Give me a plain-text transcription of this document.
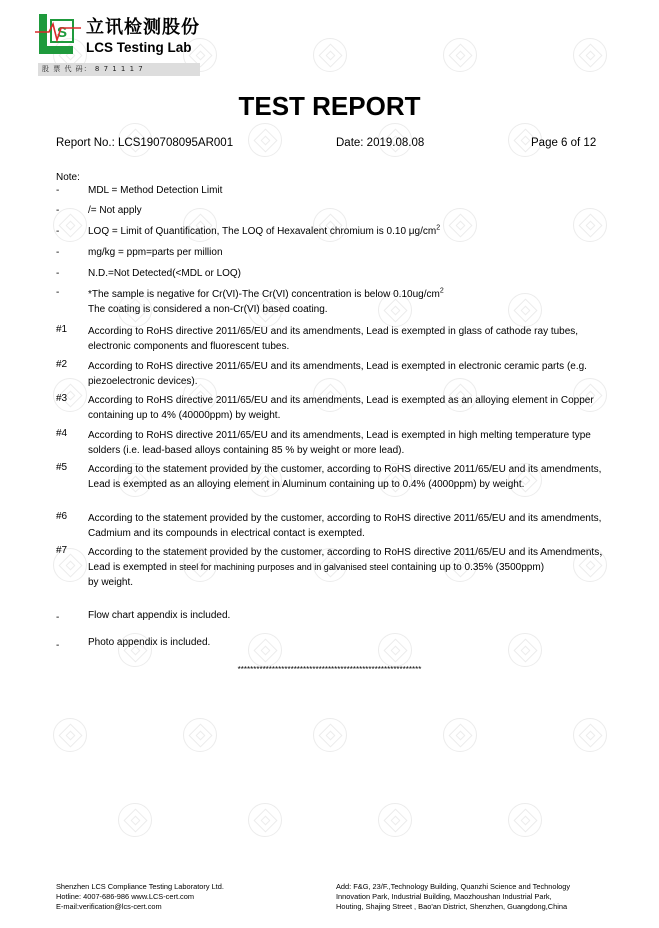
S 立讯检测股份
LCS Testing Lab
股 票 代 码： 8 7 1 1 1 7
TEST REPORT
Report No.: LCS190708095AR001	Date: 2019.08.08	Page 6 of 12
Note:
-	MDL = Method Detection Limit
-	/= Not apply
-	LOQ = Limit of Quantification, The LOQ of Hexavalent chromium is 0.10 $\mu g/cm^2$
-	mg/kg = ppm=parts per million
-	N.D.=Not Detected(<MDL or LOQ)
-	*The sample is negative for Cr(VI)-The Cr(VI) concentration is below $0.10ug/cm^2$
The coating is considered a non-Cr(VI) based coating.
#1 According to RoHS directive 2011/65/EU and its amendments, Lead is exempted in glass of cathode ray tubes, electronic components and fluorescent tubes.
#2 According to RoHS directive 2011/65/EU and its amendments, Lead is exempted in electronic ceramic parts (e.g. piezoelectronic devices).
#3 According to RoHS directive 2011/65/EU and its amendments, Lead is exempted as an alloying element in Copper containing up to 4% (40000ppm) by weight.
#4 According to RoHS directive 2011/65/EU and its amendments, Lead is exempted in high melting temperature type solders (i.e. lead-based alloys containing 85 % by weight or more lead).
#5 According to the statement provided by the customer, according to RoHS directive 2011/65/EU and its amendments, Lead is exempted as an alloying element in Aluminum containing up to 0.4% (4000ppm) by weight.
#6 According to the statement provided by the customer, according to RoHS directive 2011/65/EU and its amendments, Cadmium and its compounds in electrical contact is exempted.
#7 According to the statement provided by the customer, according to RoHS directive 2011/65/EU and its Amendments，Lead is exempted in steel for machining purposes and in galvanised steel containing up to 0.35% (3500ppm)
by weight.
-	Flow chart appendix is included.
-	Photo appendix is included.
***********************************************************
Shenzhen LCS Compliance Testing Laboratory Ltd.
Hotline: 4007-686-986 www.LCS-cert.com
E-mail:verification@lcs-cert.com
Add: F&G, 23/F.,Technology Building, Quanzhi Science and Technology
Innovation Park, Industrial Building, Maozhoushan Industrial Park,
Houting, Shajing Street , Bao'an District, Shenzhen, Guangdong,China
